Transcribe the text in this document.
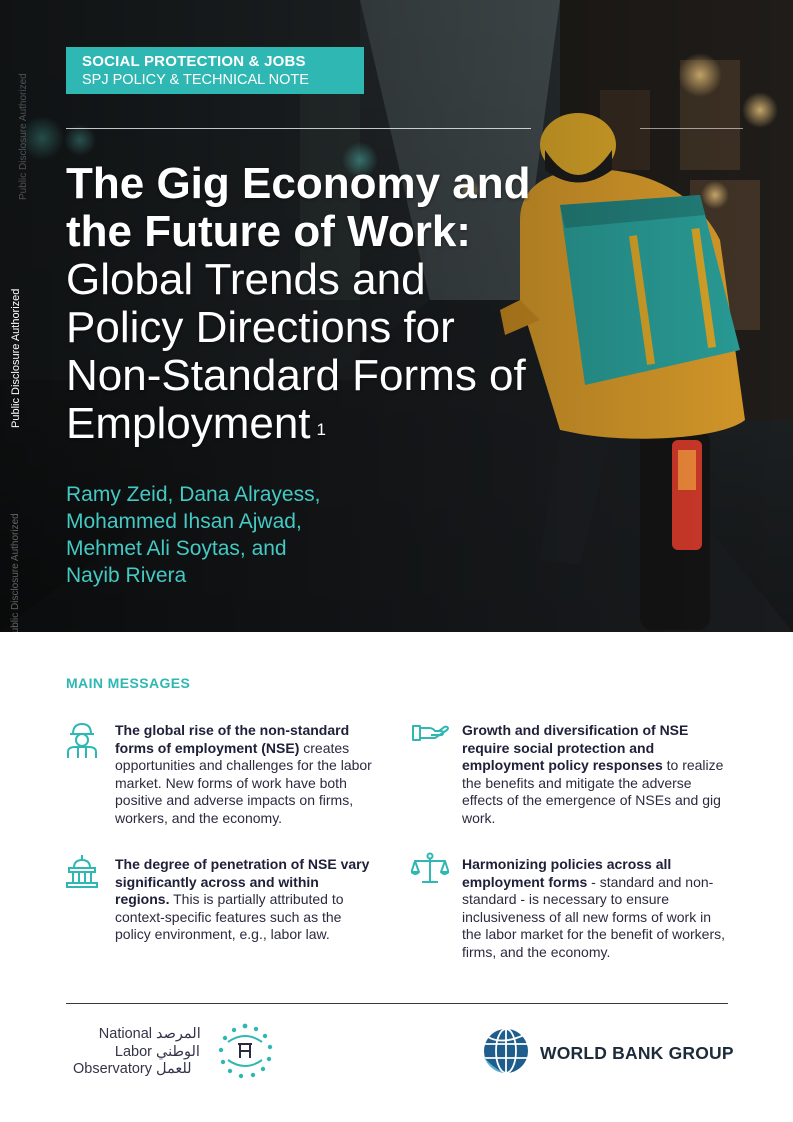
Public Disclosure Authorized
Public Disclosure Authorized
SOCIAL PROTECTION & JOBS
SPJ POLICY & TECHNICAL NOTE
The Gig Economy and the Future of Work: Global Trends and Policy Directions for Non-Standard Forms of Employment $^1$
Ramy Zeid, Dana Alrayess,
Mohammed Ihsan Ajwad,
Mehmet Ali Soytas, and
Nayib Rivera
Public Disclosure Authorized
MAIN MESSAGES
The global rise of the non-standard forms of employment (NSE) creates opportunities and challenges for the labor market. New forms of work have both positive and adverse impacts on firms, workers, and the economy.
Growth and diversification of NSE require social protection and employment policy responses to realize the benefits and mitigate the adverse effects of the emergence of NSEs and gig work.
The degree of penetration of NSE vary significantly across and within regions. This is partially attributed to context-specific features such as the policy environment, e.g., labor law.
Harmonizing policies across all employment forms - standard and non-standard - is necessary to ensure inclusiveness of all new forms of work in the labor market for the benefit of workers, firms, and the economy.
National
Labor
Observatory
المرصد
الوطني
للعمل
WORLD BANK GROUP
